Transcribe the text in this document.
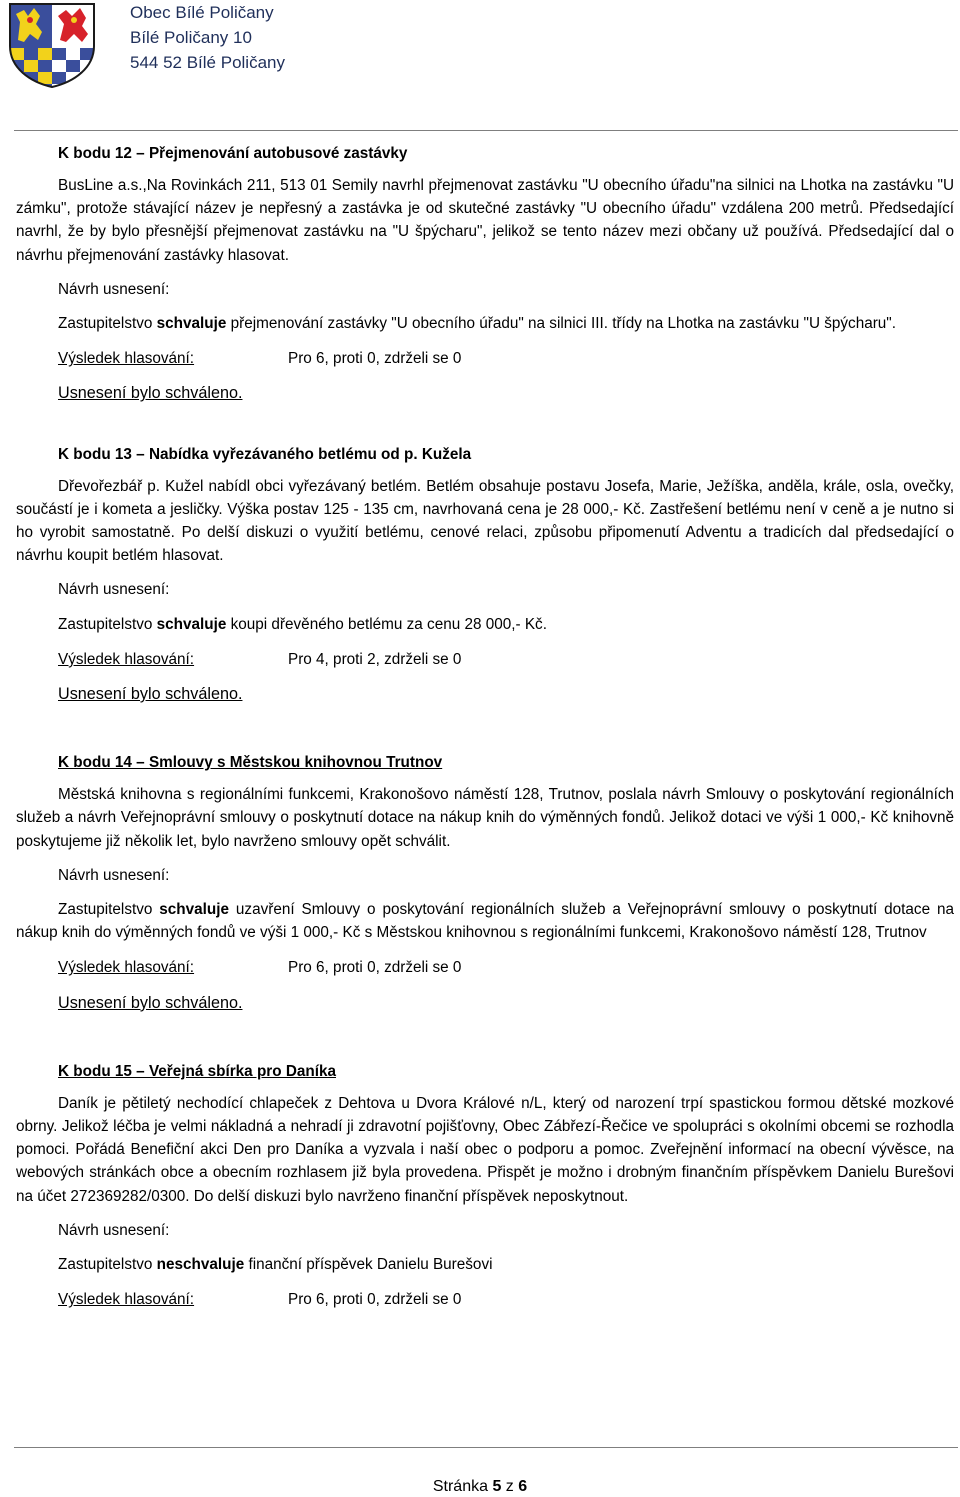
Obec Bílé Poličany
Bílé Poličany 10
544 52 Bílé Poličany
K bodu 12 – Přejmenování autobusové zastávky

BusLine a.s.,Na Rovinkách 211, 513 01 Semily navrhl přejmenovat zastávku "U obecního úřadu"na silnici na Lhotka na zastávku "U zámku", protože stávající název je nepřesný a zastávka je od skutečné zastávky "U obecního úřadu" vzdálena 200 metrů. Předsedající navrhl, že by bylo přesnější přejmenovat zastávku na "U špýcharu", jelikož se tento název mezi občany už používá. Předsedající dal o návrhu přejmenování zastávky hlasovat.

Návrh usnesení:

Zastupitelstvo schvaluje přejmenování zastávky "U obecního úřadu" na silnici III. třídy na Lhotka na zastávku "U špýcharu".

Výsledek hlasování:	Pro 6, proti 0, zdrželi se 0
Usnesení bylo schváleno.
K bodu 13 – Nabídka vyřezávaného betlému od p. Kužela

Dřevořezbář p. Kužel nabídl obci vyřezávaný betlém. Betlém obsahuje postavu Josefa, Marie, Ježíška, anděla, krále, osla, ovečky, součástí je i kometa a jesličky. Výška postav 125 - 135 cm, navrhovaná cena je 28 000,- Kč. Zastřešení betlému není v ceně a je nutno si ho vyrobit samostatně. Po delší diskuzi o využití betlému, cenové relaci, způsobu připomenutí Adventu a tradicích dal předsedající o návrhu koupit betlém hlasovat.

Návrh usnesení:

Zastupitelstvo schvaluje koupi dřevěného betlému za cenu 28 000,- Kč.

Výsledek hlasování:	Pro 4, proti 2, zdrželi se 0
Usnesení bylo schváleno.
K bodu 14 – Smlouvy s Městskou knihovnou Trutnov

Městská knihovna s regionálními funkcemi, Krakonošovo náměstí 128, Trutnov, poslala návrh Smlouvy o poskytování regionálních služeb a návrh Veřejnoprávní smlouvy o poskytnutí dotace na nákup knih do výměnných fondů. Jelikož dotaci ve výši 1 000,- Kč knihovně poskytujeme již několik let, bylo navrženo smlouvy opět schválit.

Návrh usnesení:

Zastupitelstvo schvaluje uzavření Smlouvy o poskytování regionálních služeb a Veřejnoprávní smlouvy o poskytnutí dotace na nákup knih do výměnných fondů ve výši 1 000,- Kč s Městskou knihovnou s regionálními funkcemi, Krakonošovo náměstí 128, Trutnov

Výsledek hlasování:	Pro 6, proti 0, zdrželi se 0
Usnesení bylo schváleno.
K bodu 15 – Veřejná sbírka pro Daníka

Daník je pětiletý nechodící chlapeček z Dehtova u Dvora Králové n/L, který od narození trpí spastickou formou dětské mozkové obrny. Jelikož léčba je velmi nákladná a nehradí ji zdravotní pojišťovny, Obec Zábřezí-Řečice ve spolupráci s okolními obcemi se rozhodla pomoci. Pořádá Benefiční akci Den pro Daníka a vyzvala i naší obec o podporu a pomoc. Zveřejnění informací na obecní vývěsce, na webových stránkách obce a obecním rozhlasem již byla provedena. Přispět je možno i drobným finančním příspěvkem Danielu Burešovi na účet 272369282/0300. Do delší diskuzi bylo navrženo finanční příspěvek neposkytnout.

Návrh usnesení:

Zastupitelstvo neschvaluje finanční příspěvek Danielu Burešovi

Výsledek hlasování:	Pro 6, proti 0, zdrželi se 0
Stránka 5 z 6
